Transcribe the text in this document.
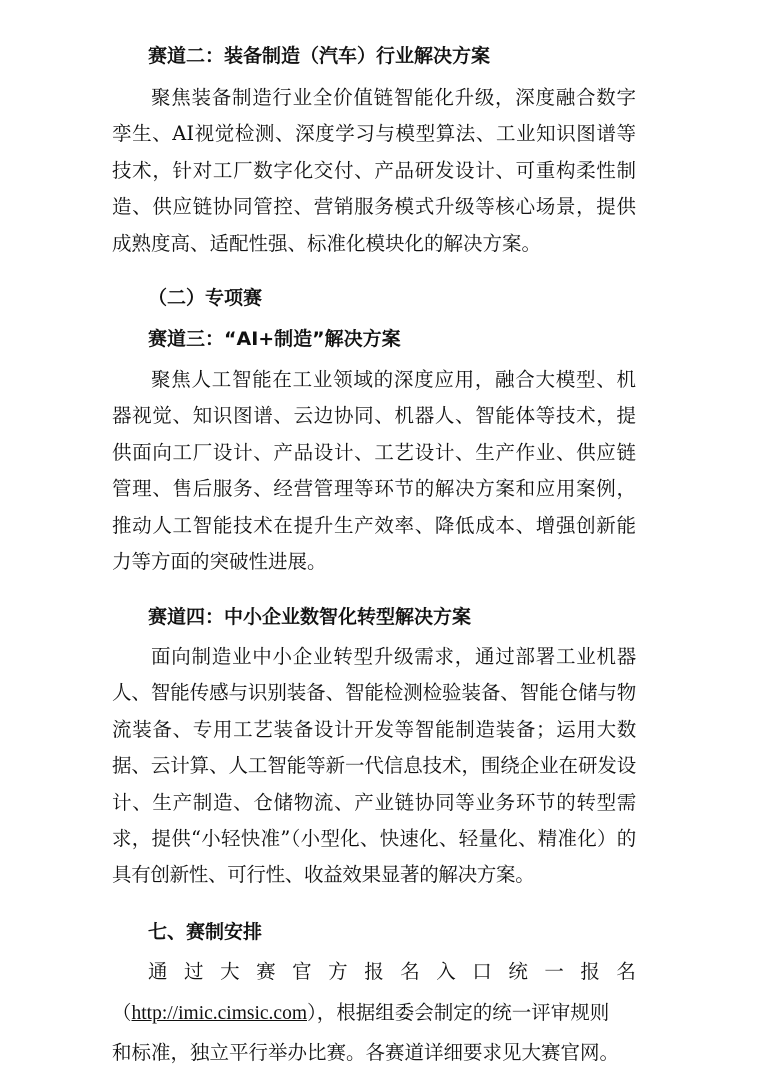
赛道二：装备制造（汽车）行业解决方案
聚焦装备制造行业全价值链智能化升级，深度融合数字孪生、AI视觉检测、深度学习与模型算法、工业知识图谱等技术，针对工厂数字化交付、产品研发设计、可重构柔性制造、供应链协同管控、营销服务模式升级等核心场景，提供成熟度高、适配性强、标准化模块化的解决方案。
（二）专项赛
赛道三：“AI+制造”解决方案
聚焦人工智能在工业领域的深度应用，融合大模型、机器视觉、知识图谱、云边协同、机器人、智能体等技术，提供面向工厂设计、产品设计、工艺设计、生产作业、供应链管理、售后服务、经营管理等环节的解决方案和应用案例，推动人工智能技术在提升生产效率、降低成本、增强创新能力等方面的突破性进展。
赛道四：中小企业数智化转型解决方案
面向制造业中小企业转型升级需求，通过部署工业机器人、智能传感与识别装备、智能检测检验装备、智能仓储与物流装备、专用工艺装备设计开发等智能制造装备；运用大数据、云计算、人工智能等新一代信息技术，围绕企业在研发设计、生产制造、仓储物流、产业链协同等业务环节的转型需求，提供“小轻快准”（小型化、快速化、轻量化、精准化）的具有创新性、可行性、收益效果显著的解决方案。
七、赛制安排
通 过 大 赛 官 方 报 名 入 口 统 一 报 名
（http://imic.cimsic.com），根据组委会制定的统一评审规则
和标准，独立平行举办比赛。各赛道详细要求见大赛官网。
